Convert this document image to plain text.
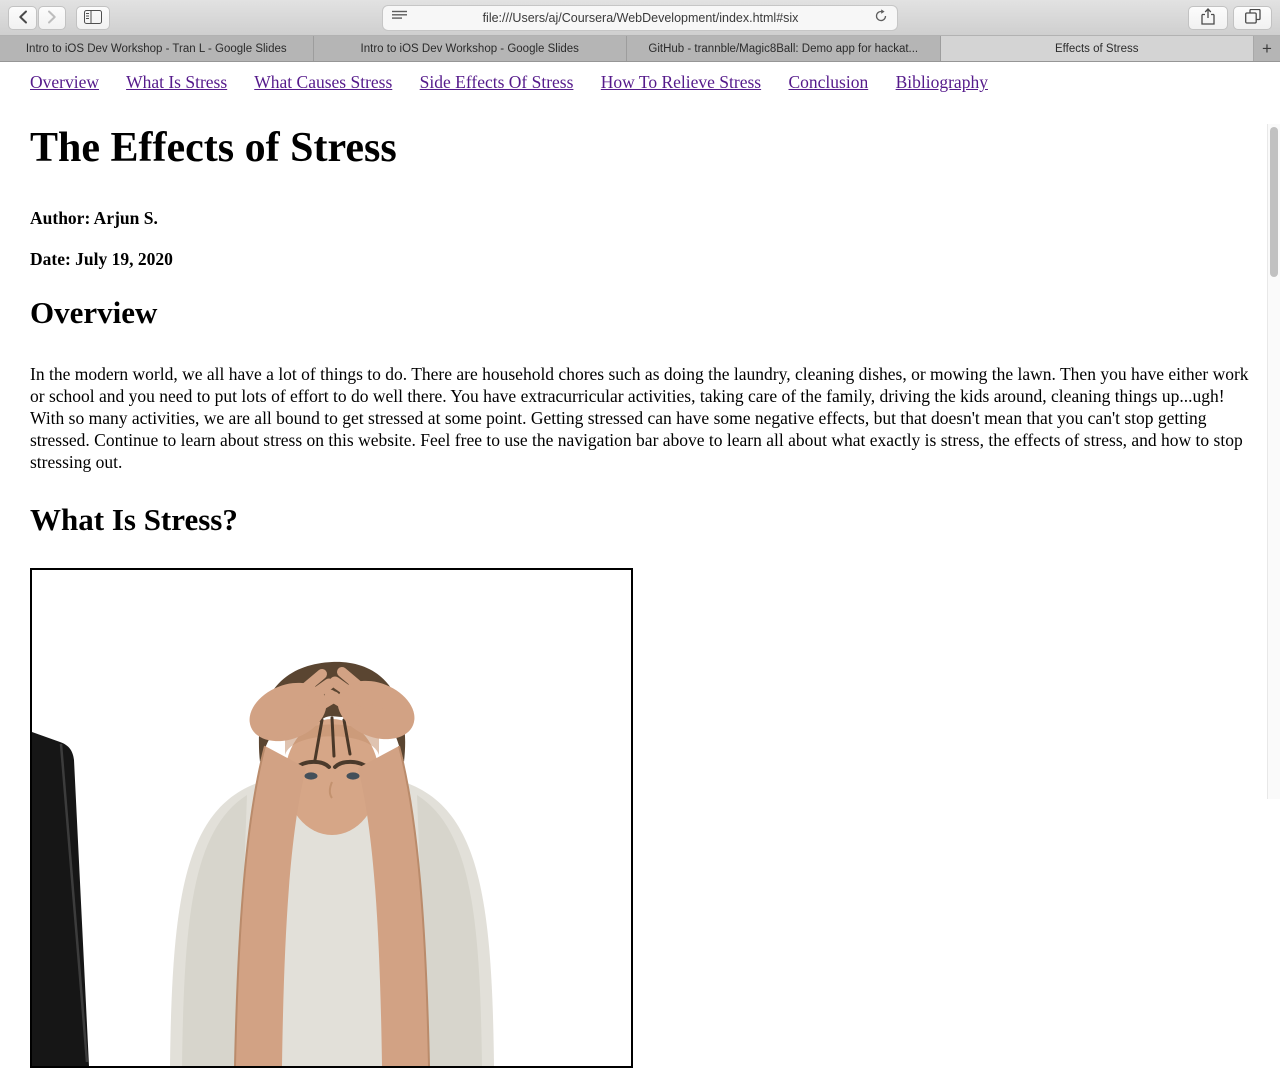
file:///Users/aj/Coursera/WebDevelopment/index.html#six
Intro to iOS Dev Workshop - Tran L - Google Slides	Intro to iOS Dev Workshop - Google Slides	GitHub - trannble/Magic8Ball: Demo app for hackat...	Effects of Stress	+
Overview What Is Stress What Causes Stress Side Effects Of Stress How To Relieve Stress Conclusion Bibliography
The Effects of Stress

Author: Arjun S.

Date: July 19, 2020

Overview

In the modern world, we all have a lot of things to do. There are household chores such as doing the laundry, cleaning dishes, or mowing the lawn. Then you have either work or school and you need to put lots of effort to do well there. You have extracurricular activities, taking care of the family, driving the kids around, cleaning things up...ugh! With so many activities, we are all bound to get stressed at some point. Getting stressed can have some negative effects, but that doesn't mean that you can't stop getting stressed. Continue to learn about stress on this website. Feel free to use the navigation bar above to learn all about what exactly is stress, the effects of stress, and how to stop stressing out.

What Is Stress?
